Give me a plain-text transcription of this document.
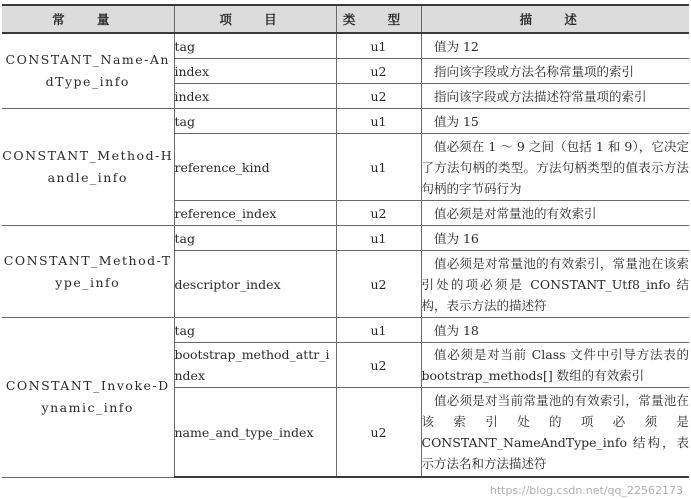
常 量	项 目	类 型	描 述
CONSTANT_Name-AndType_info	tag	u1	值为 12
	index	u2	指向该字段或方法名称常量项的索引
	index	u2	指向该字段或方法描述符常量项的索引
CONSTANT_Method-Handle_info	tag	u1	值为 15
	reference_kind	u1	值必须在 1 ～ 9 之间（包括 1 和 9），它决定了方法句柄的类型。方法句柄类型的值表示方法句柄的字节码行为
	reference_index	u2	值必须是对常量池的有效索引
CONSTANT_Method-Type_info	tag	u1	值为 16
	descriptor_index	u2	值必须是对常量池的有效索引，常量池在该索引处的项必须是 CONSTANT_Utf8_info 结构，表示方法的描述符
CONSTANT_Invoke-Dynamic_info	tag	u1	值为 18
	bootstrap_method_attr_index	u2	值必须是对当前 Class 文件中引导方法表的 bootstrap_methods[] 数组的有效索引
	name_and_type_index	u2	值必须是对当前常量池的有效索引，常量池在该索引处的项必须是 CONSTANT_NameAndType_info 结构，表示方法名和方法描述符
https://blog.csdn.net/qq_22562173
